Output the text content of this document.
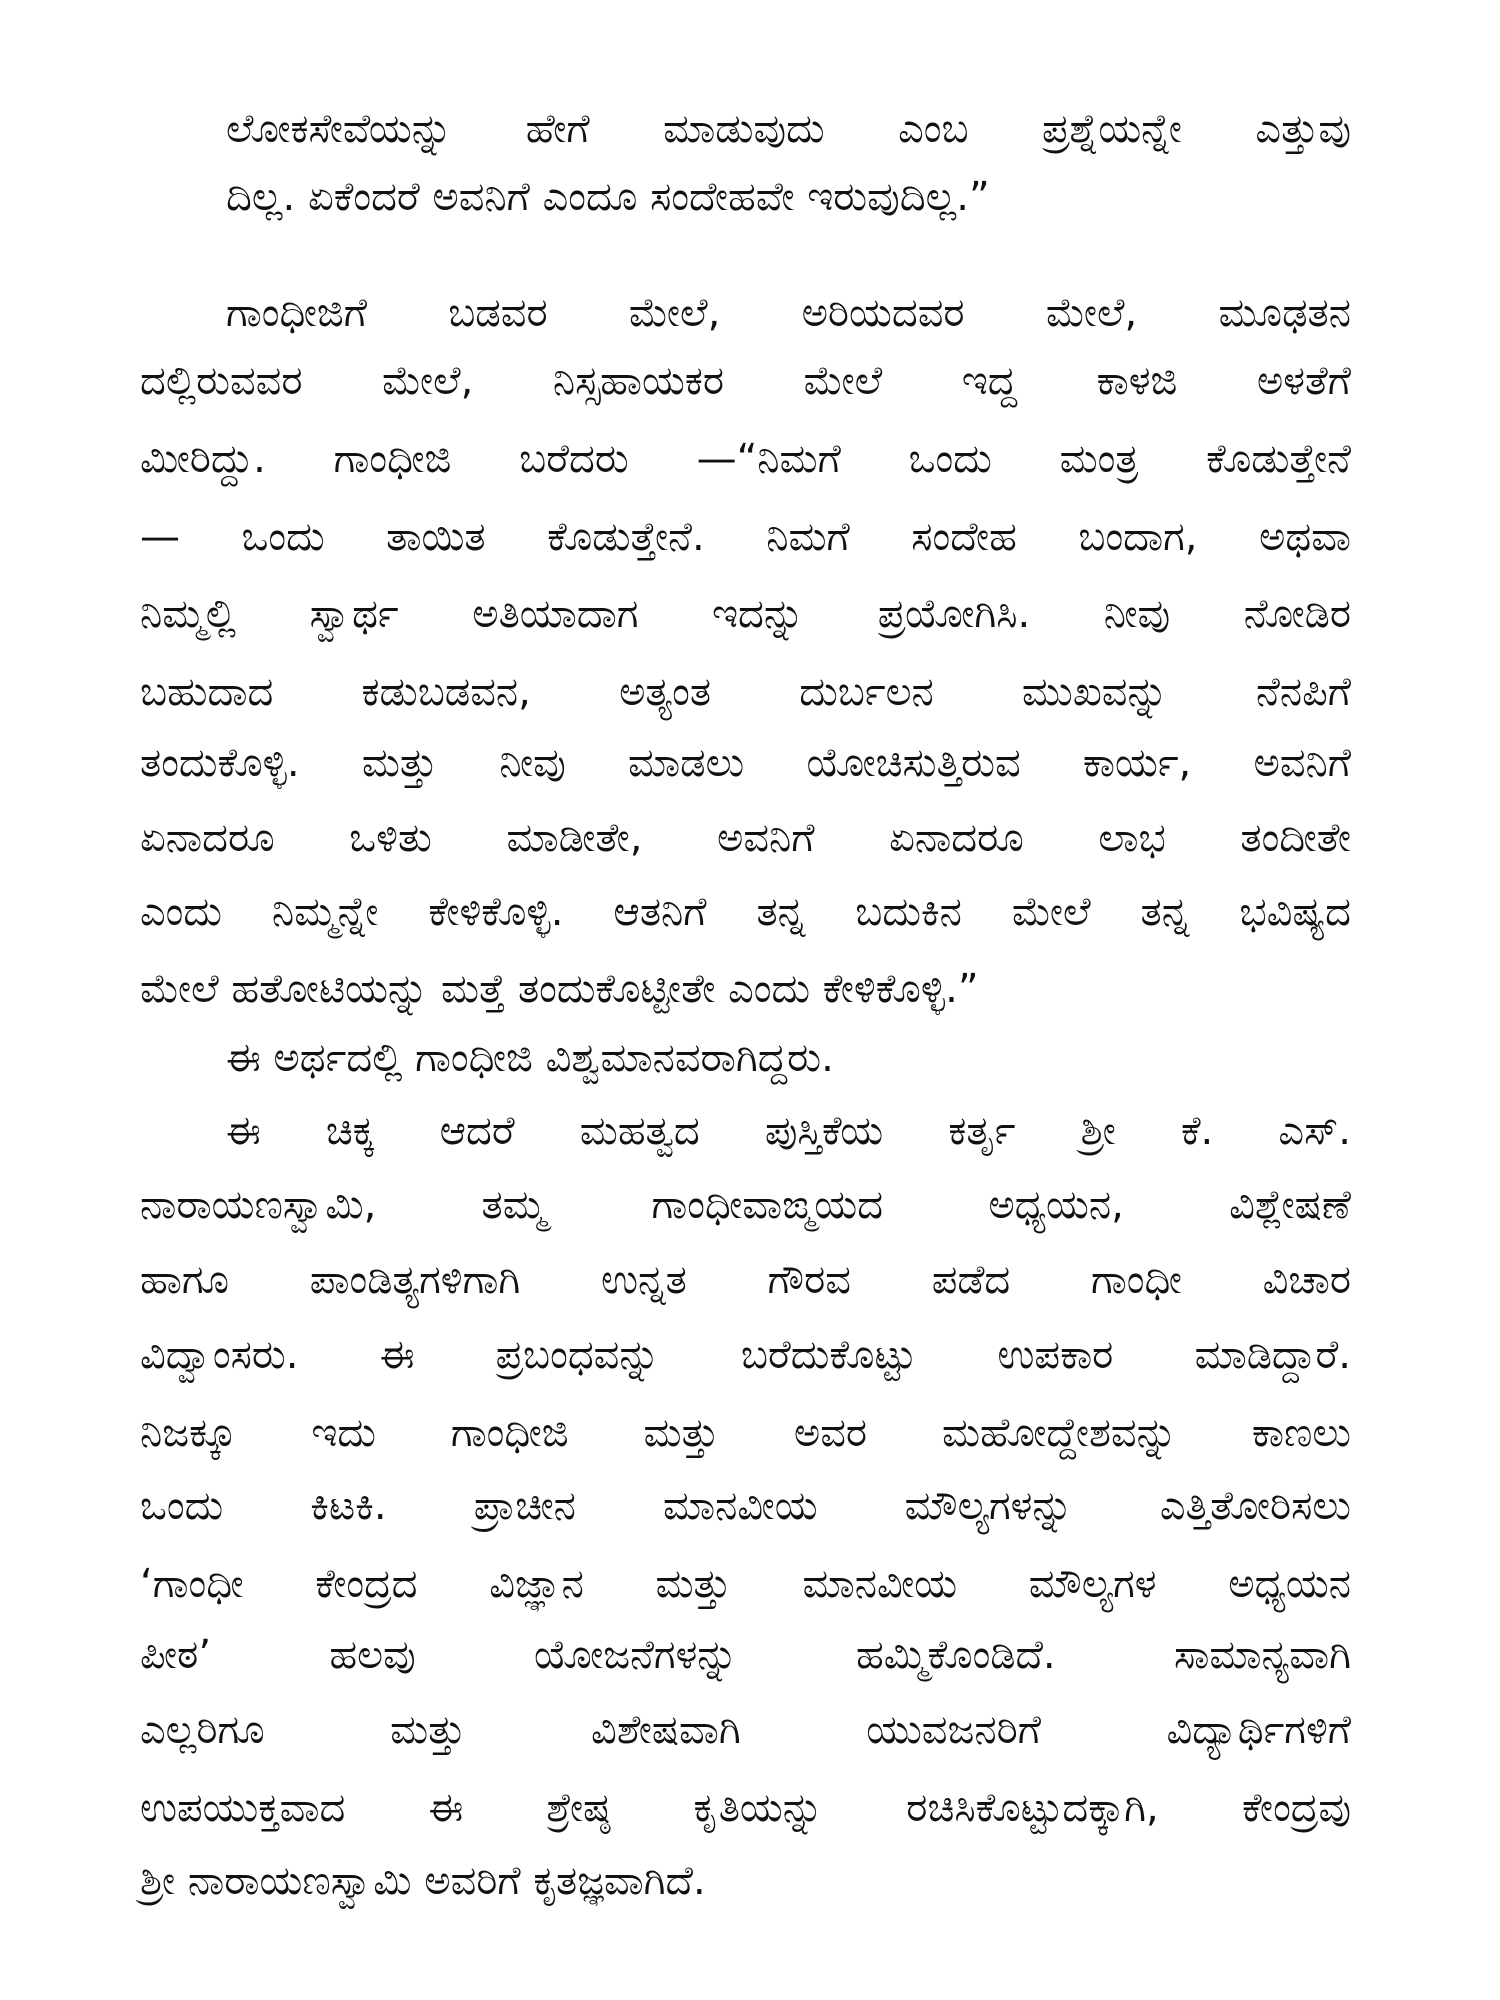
ಲೋಕಸೇವೆಯನ್ನು ಹೇಗೆ ಮಾಡುವುದು ಎಂಬ ಪ್ರಶ್ನೆಯನ್ನೇ ಎತ್ತುವು
ದಿಲ್ಲ. ಏಕೆಂದರೆ ಅವನಿಗೆ ಎಂದೂ ಸಂದೇಹವೇ ಇರುವುದಿಲ್ಲ.”
ಗಾಂಧೀಜಿಗೆ ಬಡವರ ಮೇಲೆ, ಅರಿಯದವರ ಮೇಲೆ, ಮೂಢತನ
ದಲ್ಲಿರುವವರ ಮೇಲೆ, ನಿಸ್ಸಹಾಯಕರ ಮೇಲೆ ಇದ್ದ ಕಾಳಜಿ ಅಳತೆಗೆ
ಮೀರಿದ್ದು. ಗಾಂಧೀಜಿ ಬರೆದರು —“ನಿಮಗೆ ಒಂದು ಮಂತ್ರ ಕೊಡುತ್ತೇನೆ
— ಒಂದು ತಾಯಿತ ಕೊಡುತ್ತೇನೆ. ನಿಮಗೆ ಸಂದೇಹ ಬಂದಾಗ, ಅಥವಾ
ನಿಮ್ಮಲ್ಲಿ ಸ್ವಾರ್ಥ ಅತಿಯಾದಾಗ ಇದನ್ನು ಪ್ರಯೋಗಿಸಿ. ನೀವು ನೋಡಿರ
ಬಹುದಾದ ಕಡುಬಡವನ, ಅತ್ಯಂತ ದುರ್ಬಲನ ಮುಖವನ್ನು ನೆನಪಿಗೆ
ತಂದುಕೊಳ್ಳಿ. ಮತ್ತು ನೀವು ಮಾಡಲು ಯೋಚಿಸುತ್ತಿರುವ ಕಾರ್ಯ, ಅವನಿಗೆ
ಏನಾದರೂ ಒಳಿತು ಮಾಡೀತೇ, ಅವನಿಗೆ ಏನಾದರೂ ಲಾಭ ತಂದೀತೇ
ಎಂದು ನಿಮ್ಮನ್ನೇ ಕೇಳಿಕೊಳ್ಳಿ. ಆತನಿಗೆ ತನ್ನ ಬದುಕಿನ ಮೇಲೆ ತನ್ನ ಭವಿಷ್ಯದ
ಮೇಲೆ ಹತೋಟಿಯನ್ನು ಮತ್ತೆ ತಂದುಕೊಟ್ಟೀತೇ ಎಂದು ಕೇಳಿಕೊಳ್ಳಿ.”
ಈ ಅರ್ಥದಲ್ಲಿ ಗಾಂಧೀಜಿ ವಿಶ್ವಮಾನವರಾಗಿದ್ದರು.
ಈ ಚಿಕ್ಕ ಆದರೆ ಮಹತ್ವದ ಪುಸ್ತಿಕೆಯ ಕರ್ತೃ ಶ್ರೀ ಕೆ. ಎಸ್.
ನಾರಾಯಣಸ್ವಾಮಿ, ತಮ್ಮ ಗಾಂಧೀವಾಙ್ಮಯದ ಅಧ್ಯಯನ, ವಿಶ್ಲೇಷಣೆ
ಹಾಗೂ ಪಾಂಡಿತ್ಯಗಳಿಗಾಗಿ ಉನ್ನತ ಗೌರವ ಪಡೆದ ಗಾಂಧೀ ವಿಚಾರ
ವಿದ್ವಾಂಸರು. ಈ ಪ್ರಬಂಧವನ್ನು ಬರೆದುಕೊಟ್ಟು ಉಪಕಾರ ಮಾಡಿದ್ದಾರೆ.
ನಿಜಕ್ಕೂ ಇದು ಗಾಂಧೀಜಿ ಮತ್ತು ಅವರ ಮಹೋದ್ದೇಶವನ್ನು ಕಾಣಲು
ಒಂದು ಕಿಟಕಿ. ಪ್ರಾಚೀನ ಮಾನವೀಯ ಮೌಲ್ಯಗಳನ್ನು ಎತ್ತಿತೋರಿಸಲು
‘ಗಾಂಧೀ ಕೇಂದ್ರದ ವಿಜ್ಞಾನ ಮತ್ತು ಮಾನವೀಯ ಮೌಲ್ಯಗಳ ಅಧ್ಯಯನ
ಪೀಠ’ ಹಲವು ಯೋಜನೆಗಳನ್ನು ಹಮ್ಮಿಕೊಂಡಿದೆ. ಸಾಮಾನ್ಯವಾಗಿ
ಎಲ್ಲರಿಗೂ ಮತ್ತು ವಿಶೇಷವಾಗಿ ಯುವಜನರಿಗೆ ವಿದ್ಯಾರ್ಥಿಗಳಿಗೆ
ಉಪಯುಕ್ತವಾದ ಈ ಶ್ರೇಷ್ಠ ಕೃತಿಯನ್ನು ರಚಿಸಿಕೊಟ್ಟುದಕ್ಕಾಗಿ, ಕೇಂದ್ರವು
ಶ್ರೀ ನಾರಾಯಣಸ್ವಾಮಿ ಅವರಿಗೆ ಕೃತಜ್ಞವಾಗಿದೆ.
